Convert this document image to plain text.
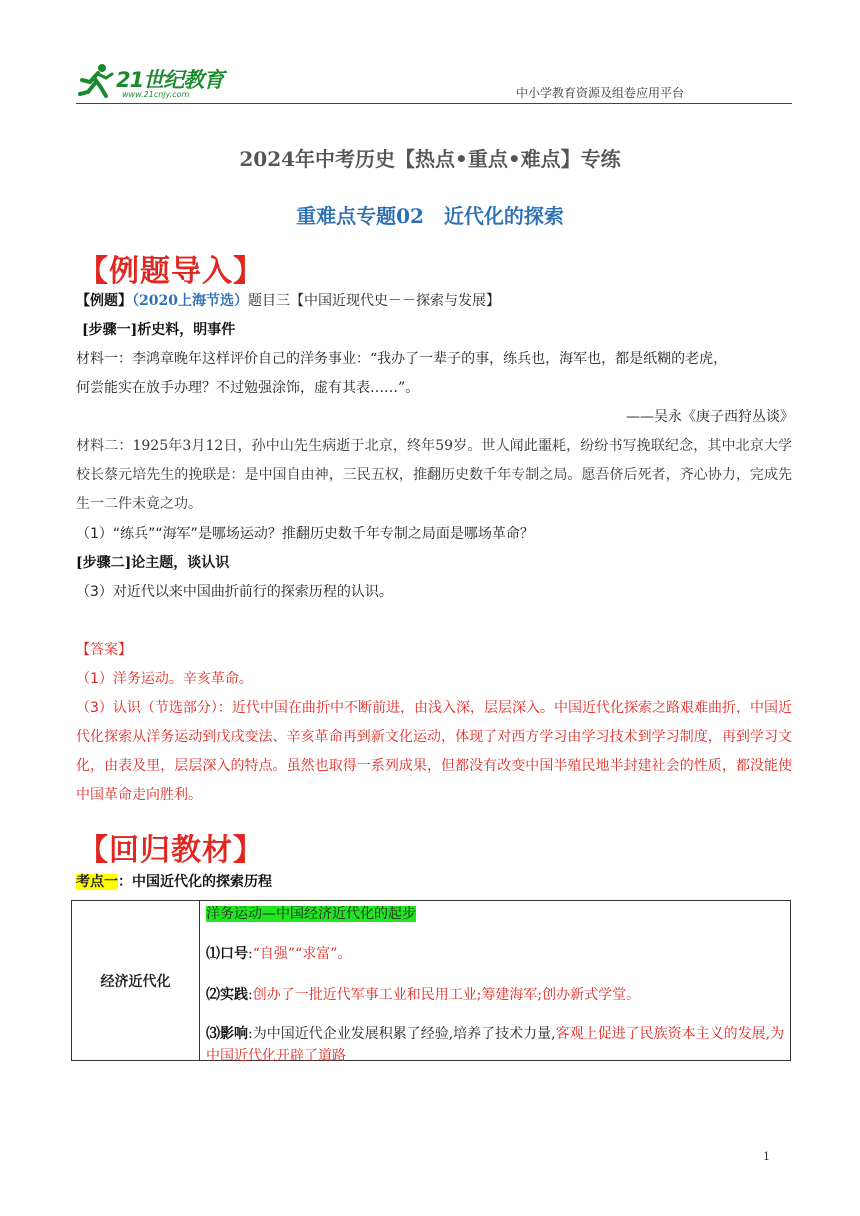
21世纪教育
www.21cnjy.com	中小学教育资源及组卷应用平台
2024年中考历史【热点•重点•难点】专练
重难点专题02　近代化的探索
【例题导入】
【例题】（2020上海节选）题目三【中国近现代史－－探索与发展】
[步骤一]析史料，明事件
材料一：李鸿章晚年这样评价自己的洋务事业：“我办了一辈子的事，练兵也，海军也，都是纸糊的老虎，
何尝能实在放手办理？不过勉强涂饰，虚有其表……”。
——吴永《庚子西狩丛谈》
材料二：1925年3月12日，孙中山先生病逝于北京，终年59岁。世人闻此噩耗，纷纷书写挽联纪念，其中北京大学校长蔡元培先生的挽联是：是中国自由神，三民五权，推翻历史数千年专制之局。愿吾侪后死者，齐心协力，完成先生一二件未竟之功。
（1）“练兵”“海军”是哪场运动？推翻历史数千年专制之局面是哪场革命？
[步骤二]论主题，谈认识
（3）对近代以来中国曲折前行的探索历程的认识。
【答案】
（1）洋务运动。辛亥革命。
（3）认识（节选部分）：近代中国在曲折中不断前进，由浅入深，层层深入。中国近代化探索之路艰难曲折，中国近代化探索从洋务运动到戊戌变法、辛亥革命再到新文化运动，体现了对西方学习由学习技术到学习制度，再到学习文化，由表及里，层层深入的特点。虽然也取得一系列成果，但都没有改变中国半殖民地半封建社会的性质，都没能使中国革命走向胜利。
【回归教材】
考点一：中国近代化的探索历程
经济近代化
洋务运动—中国经济近代化的起步
⑴口号:“自强”“求富”。
⑵实践:创办了一批近代军事工业和民用工业;筹建海军;创办新式学堂。
⑶影响:为中国近代企业发展积累了经验,培养了技术力量,客观上促进了民族资本主义的发展,为中国近代化开辟了道路
1
